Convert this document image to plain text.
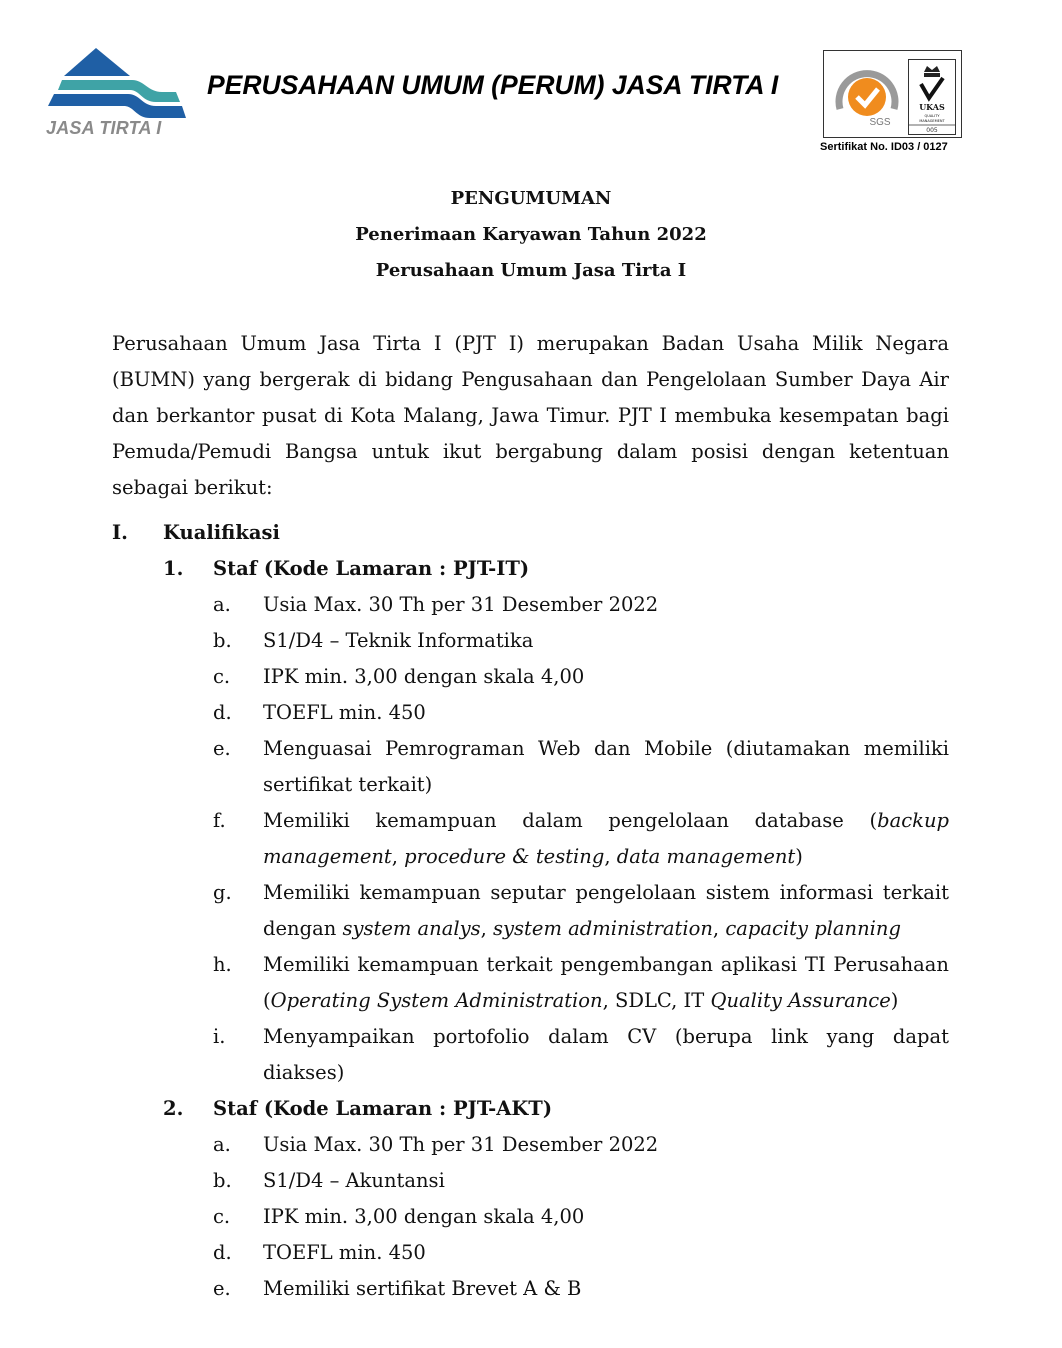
JASA TIRTA I
PERUSAHAAN UMUM (PERUM) JASA TIRTA I
SGS
UKAS
QUALITY
MANAGEMENT
005
Sertifikat No. ID03 / 0127
PENGUMUMAN
Penerimaan Karyawan Tahun 2022
Perusahaan Umum Jasa Tirta I
Perusahaan Umum Jasa Tirta I (PJT I) merupakan Badan Usaha Milik Negara (BUMN) yang bergerak di bidang Pengusahaan dan Pengelolaan Sumber Daya Air dan berkantor pusat di Kota Malang, Jawa Timur. PJT I membuka kesempatan bagi Pemuda/Pemudi Bangsa untuk ikut bergabung dalam posisi dengan ketentuan sebagai berikut:
I. Kualifikasi
1. Staf (Kode Lamaran : PJT-IT)
a. Usia Max. 30 Th per 31 Desember 2022
b. S1/D4 – Teknik Informatika
c. IPK min. 3,00 dengan skala 4,00
d. TOEFL min. 450
e. Menguasai Pemrograman Web dan Mobile (diutamakan memiliki sertifikat terkait)
f. Memiliki kemampuan dalam pengelolaan database (backup management, procedure & testing, data management)
g. Memiliki kemampuan seputar pengelolaan sistem informasi terkait dengan system analys, system administration, capacity planning
h. Memiliki kemampuan terkait pengembangan aplikasi TI Perusahaan (Operating System Administration, SDLC, IT Quality Assurance)
i. Menyampaikan portofolio dalam CV (berupa link yang dapat diakses)
2. Staf (Kode Lamaran : PJT-AKT)
a. Usia Max. 30 Th per 31 Desember 2022
b. S1/D4 – Akuntansi
c. IPK min. 3,00 dengan skala 4,00
d. TOEFL min. 450
e. Memiliki sertifikat Brevet A & B
